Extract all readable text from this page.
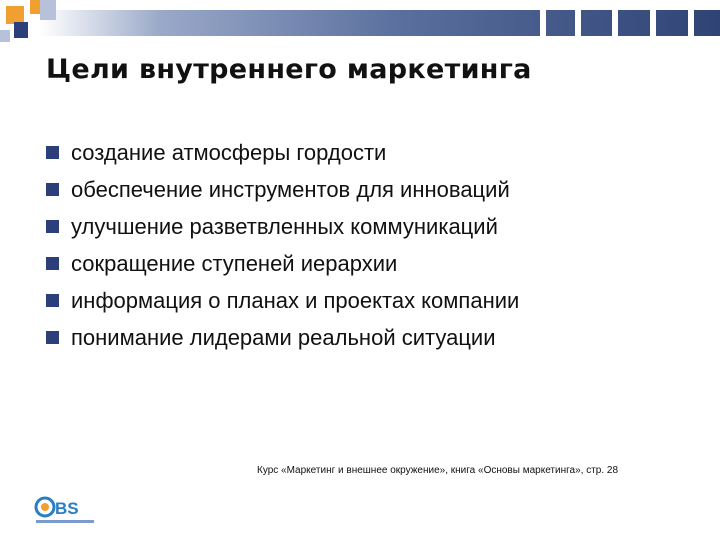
Цели внутреннего маркетинга
создание атмосферы гордости
обеспечение инструментов для инноваций
улучшение разветвленных коммуникаций
сокращение ступеней иерархии
информация о планах и проектах компании
понимание лидерами реальной ситуации
Курс «Маркетинг и внешнее окружение», книга «Основы маркетинга», стр. 28
BS
